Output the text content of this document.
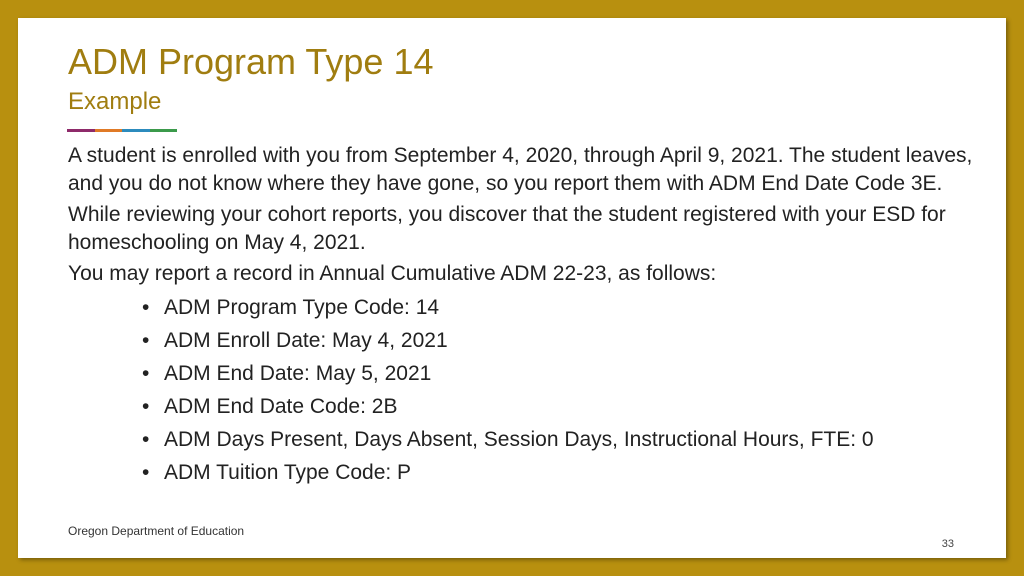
ADM Program Type 14
Example

A student is enrolled with you from September 4, 2020, through April 9, 2021. The student leaves, and you do not know where they have gone, so you report them with ADM End Date Code 3E.

While reviewing your cohort reports, you discover that the student registered with your ESD for homeschooling on May 4, 2021.

You may report a record in Annual Cumulative ADM 22-23, as follows:

• ADM Program Type Code: 14
• ADM Enroll Date: May 4, 2021
• ADM End Date: May 5, 2021
• ADM End Date Code: 2B
• ADM Days Present, Days Absent, Session Days, Instructional Hours, FTE: 0
• ADM Tuition Type Code: P
Oregon Department of Education
33
